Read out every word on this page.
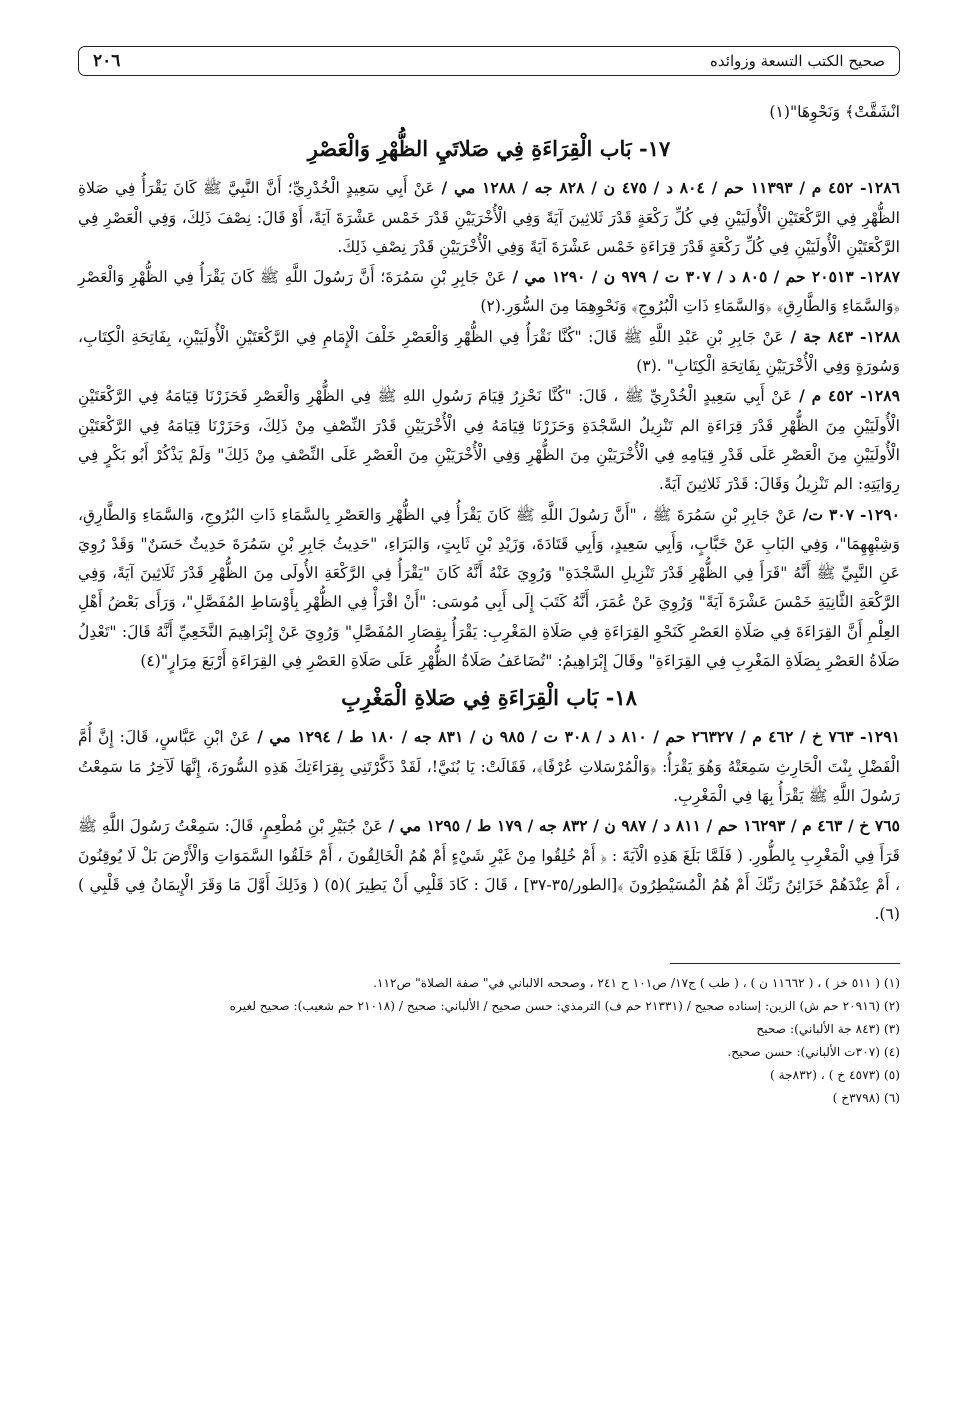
صحيح الكتب التسعة وزوائده
٢٠٦

انْشَقَّتْ﴾ وَنَحْوِهَا"(١)

١٧- بَاب الْقِرَاءَةِ فِي صَلاتَيِ الظُّهْرِ وَالْعَصْرِ

١٢٨٦- ٤٥٢ م / ١١٣٩٣ حم / ٨٠٤ د / ٤٧٥ ن / ٨٢٨ جه / ١٢٨٨ مي / عَنْ أَبِي سَعِيدٍ الْخُدْرِيِّ؛ أَنَّ النَّبِيَّ ﷺ كَانَ يَقْرَأُ فِي صَلاةِ الظُّهْرِ فِي الرَّكْعَتَيْنِ الْأُولَيَيْنِ فِي كُلِّ رَكْعَةٍ قَدْرَ ثَلاثِينَ آيَةً وَفِي الْأُخْرَيَيْنِ قَدْرَ خَمْس عَشْرَةَ آيَةً، أَوْ قَالَ: نِصْفَ ذَلِكَ، وَفِي الْعَصْرِ فِي الرَّكْعَتَيْنِ الْأُولَيَيْنِ فِي كُلِّ رَكْعَةٍ قَدْرَ قِرَاءَةِ خَمْس عَشْرَةَ آيَةً وَفِي الْأُخْرَيَيْنِ قَدْرَ نِصْفِ ذَلِكَ.

١٢٨٧- ٢٠٥١٣ حم / ٨٠٥ د / ٣٠٧ ت / ٩٧٩ ن / ١٢٩٠ مي / عَنْ جَابِرِ بْنِ سَمُرَةَ؛ أَنَّ رَسُولَ اللَّهِ ﷺ كَانَ يَقْرَأُ فِي الظُّهْرِ وَالْعَصْرِ ﴿وَالسَّمَاءِ وَالطَّارِقِ﴾ ﴿وَالسَّمَاءِ ذَاتِ الْبُرُوجِ﴾ وَنَحْوِهِمَا مِنَ السُّوَرِ.(٢)

١٢٨٨- ٨٤٣ جة / عَنْ جَابِرِ بْنِ عَبْدِ اللَّهِ ﷺ قَالَ: "كُنَّا نَقْرَأُ فِي الظُّهْرِ وَالْعَصْرِ خَلْفَ الْإِمَامِ فِي الرَّكْعَتَيْنِ الْأُولَيَيْنِ، بِفَاتِحَةِ الْكِتَابِ، وَسُورَةٍ وَفِي الْأُخْرَيَيْنِ بِفَاتِحَةِ الْكِتَابِ" .(٣)

١٢٨٩- ٤٥٢ م / عَنْ أَبِي سَعِيدٍ الْخُدْرِيِّ ﷺ ، قَالَ: "كُنَّا نَحْزِرُ قِيَامَ رَسُولِ اللهِ ﷺ فِي الظُّهْرِ وَالْعَصْرِ فَحَزَرْنَا قِيَامَهُ فِي الرَّكْعَتَيْنِ الْأُولَيَيْنِ مِنَ الظُّهْرِ قَدْرَ قِرَاءَةِ الم تَنْزِيلُ السَّجْدَةِ وَحَزَرْنَا قِيَامَهُ فِي الْأُخْرَيَيْنِ قَدْرَ النِّصْفِ مِنْ ذَلِكَ، وَحَزَرْنَا قِيَامَهُ فِي الرَّكْعَتَيْنِ الْأُولَيَيْنِ مِنَ الْعَصْرِ عَلَى قَدْرِ قِيَامِهِ فِي الْأُخْرَيَيْنِ مِنَ الظُّهْرِ وَفِي الْأُخْرَيَيْنِ مِنَ الْعَصْرِ عَلَى النِّصْفِ مِنْ ذَلِكَ" وَلَمْ يَذْكُرْ أَبُو بَكْرٍ فِي رِوَايَتِهِ: الم تَنْزِيلُ وَقَالَ: قَدْرَ ثَلاثِينَ آيَةً.

١٢٩٠- ٣٠٧ ت/ عَنْ جَابِرِ بْنِ سَمُرَةَ ﷺ ، "أَنَّ رَسُولَ اللَّهِ ﷺ كَانَ يَقْرَأُ فِي الظُّهْرِ وَالعَصْرِ بِالسَّمَاءِ ذَاتِ البُرُوجِ، وَالسَّمَاءِ وَالطَّارِقِ، وَشِبْهِهِمَا"، وَفِي البَابِ عَنْ خَبَّابٍ، وَأَبِي سَعِيدٍ، وَأَبِي قَتَادَةَ، وَزَيْدِ بْنِ ثَابِتٍ، وَالبَرَاءِ، "حَدِيثُ جَابِرِ بْنِ سَمُرَةَ حَدِيثٌ حَسَنٌ" وَقَدْ رُوِيَ عَنِ النَّبِيِّ ﷺ أَنَّهُ "قَرَأَ فِي الظُّهْرِ قَدْرَ تَنْزِيلِ السَّجْدَةِ" وَرُوِيَ عَنْهُ أَنَّهُ كَانَ "يَقْرَأُ فِي الرَّكْعَةِ الأُولَى مِنَ الظُّهْرِ قَدْرَ ثَلَاثِينَ آيَةً، وَفِي الرَّكْعَةِ الثَّانِيَةِ خَمْسَ عَشْرَةَ آيَةً" وَرُوِيَ عَنْ عُمَرَ، أَنَّهُ كَتَبَ إِلَى أَبِي مُوسَى: "أَنْ اقْرَأْ فِي الظُّهْرِ بِأَوْسَاطِ المُفَصَّلِ"، وَرَأَى بَعْضُ أَهْلِ العِلْمِ أَنَّ القِرَاءَةَ فِي صَلَاةِ العَصْرِ كَنَحْوِ القِرَاءَةِ فِي صَلَاةِ المَغْرِبِ: يَقْرَأُ بِقِصَارِ المُفَصَّلِ" وَرُوِيَ عَنْ إِبْرَاهِيمَ النَّخَعِيِّ أَنَّهُ قَالَ: "تَعْدِلُ صَلَاةُ العَصْرِ بِصَلَاةِ المَغْرِبِ فِي القِرَاءَةِ" وقَالَ إِبْرَاهِيمُ: "تُضَاعَفُ صَلَاةُ الظُّهْرِ عَلَى صَلَاةِ العَصْرِ فِي القِرَاءَةِ أَرْبَعَ مِرَارٍ"(٤)

١٨- بَاب الْقِرَاءَةِ فِي صَلاةِ الْمَغْرِبِ

١٢٩١- ٧٦٣ خ / ٤٦٢ م / ٢٦٣٢٧ حم / ٨١٠ د / ٣٠٨ ت / ٩٨٥ ن / ٨٣١ جه / ١٨٠ ط / ١٢٩٤ مي / عَنْ ابْنِ عَبَّاسٍ، قَالَ: إِنَّ أُمَّ الْفَضْلِ بِنْتَ الْحَارِثِ سَمِعَتْهُ وَهُوَ يَقْرَأُ: ﴿وَالْمُرْسَلاتِ عُرْفًا﴾، فَقَالَتْ: يَا بُنَيَّ!، لَقَدْ ذَكَّرْتَنِي بِقِرَاءَتِكَ هَذِهِ السُّورَةَ، إِنَّهَا لَآخِرُ مَا سَمِعْتُ رَسُولَ اللَّهِ ﷺ يَقْرَأُ بِهَا فِي الْمَغْرِبِ.

٧٦٥ خ / ٤٦٣ م / ١٦٢٩٣ حم / ٨١١ د / ٩٨٧ ن / ٨٣٢ جه / ١٧٩ ط / ١٢٩٥ مي / عَنْ جُبَيْرِ بْنِ مُطْعِمٍ، قَالَ: سَمِعْتُ رَسُولَ اللَّهِ ﷺ قَرَأَ فِي الْمَغْرِبِ بِالطُّورِ. ( فَلَمَّا بَلَغَ هَذِهِ الْآيَةَ : ﴿ أَمْ خُلِقُوا مِنْ غَيْرِ شَيْءٍ أَمْ هُمُ الْخَالِقُونَ ، أَمْ خَلَقُوا السَّمَوَاتِ وَالْأَرْضَ بَلْ لَا يُوقِنُونَ ، أَمْ عِنْدَهُمْ خَزَائِنُ رَبِّكَ أَمْ هُمُ الْمُسَيْطِرُونَ ﴾[الطور/٣٥-٣٧] ، قَالَ : كَادَ قَلْبِي أَنْ يَطِيرَ )(٥) ( وَذَلِكَ أَوَّلَ مَا وَقَرَ الْإِيمَانُ فِي قَلْبِي )(٦).

(١) ( ٥١١ خز ) ، ( ١١٦٦٢ ن ) ، ( طب ) ج١٧/ ص١٠١ ح ٢٤١ ، وصححه الالباني في" صفة الصلاة" ص١١٢.

(٢) (٢٠٩١٦ حم ش) الزين: إسناده صحيح / (٢١٣٣١ حم ف) الترمذي: حسن صحيح / الألباني: صحيح / (٢١٠١٨ حم شعيب): صحيح لغيره

(٣) (٨٤٣ جة الألباني): صحيح

(٤) (٣٠٧ت الألباني): حسن صحيح.

(٥) (٤٥٧٣ خ ) ، (٨٣٢جة )

(٦) (٣٧٩٨خ )
